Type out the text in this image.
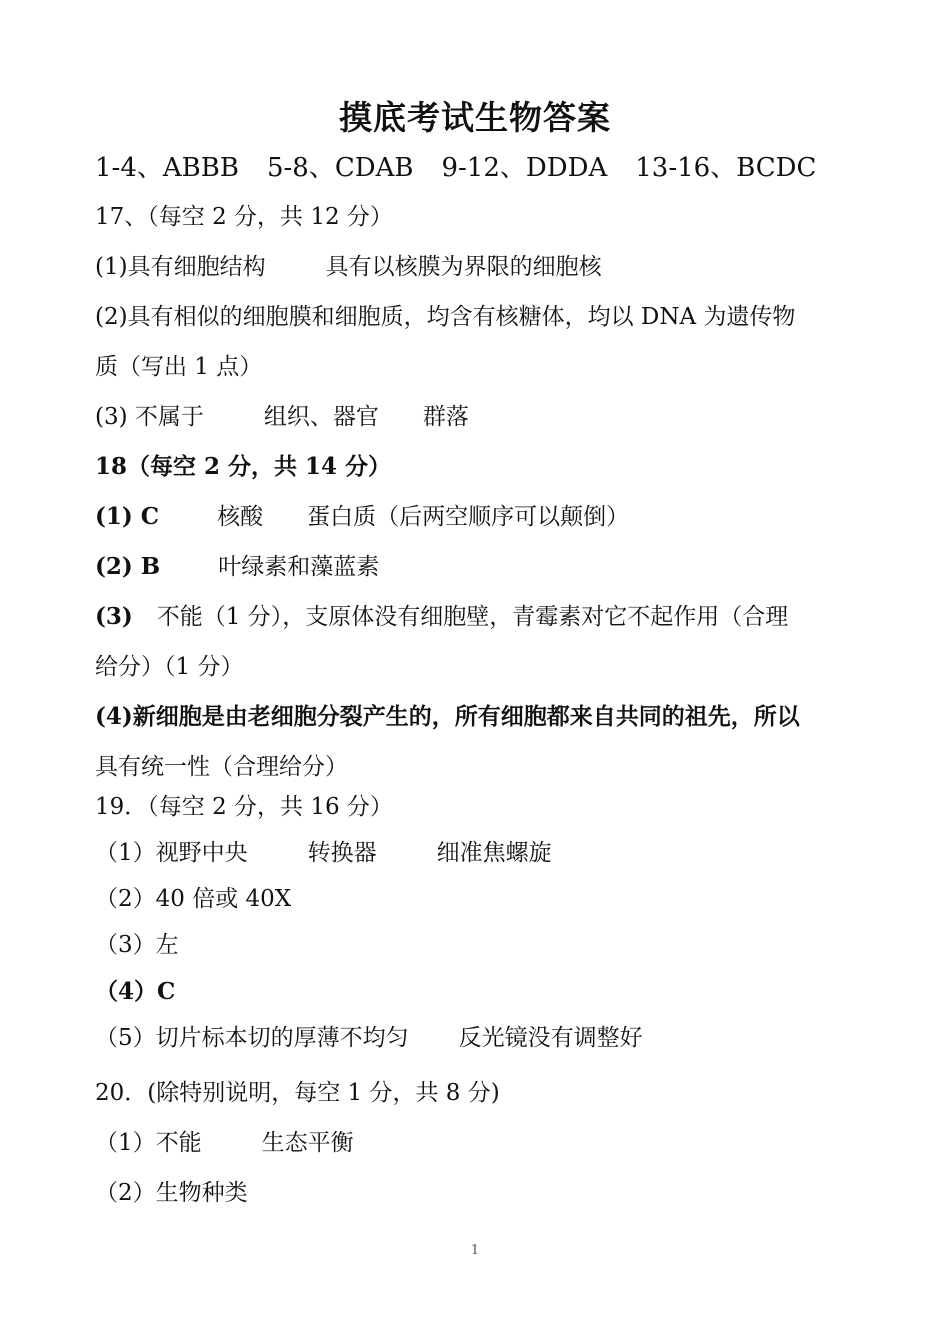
摸底考试生物答案
1-4、ABBB 5-8、CDAB 9-12、DDDA 13-16、BCDC
17、（每空 2 分，共 12 分）
(1)具有细胞结构	具有以核膜为界限的细胞核
(2)具有相似的细胞膜和细胞质，均含有核糖体，均以 DNA 为遗传物
质（写出 1 点）
(3) 不属于	组织、器官 群落
18（每空 2 分，共 14 分）
(1) C	核酸 蛋白质（后两空顺序可以颠倒）
(2) B	叶绿素和藻蓝素
(3) 不能（1 分），支原体没有细胞壁，青霉素对它不起作用（合理
给分）（1 分）
(4)新细胞是由老细胞分裂产生的，所有细胞都来自共同的祖先，所以
具有统一性（合理给分）
19．（每空 2 分，共 16 分）
（1）视野中央	转换器	细准焦螺旋
（2）40 倍或 40X
（3）左
（4）C
（5）切片标本切的厚薄不均匀 反光镜没有调整好
20．(除特别说明，每空 1 分，共 8 分)
（1）不能	生态平衡
（2）生物种类
1
